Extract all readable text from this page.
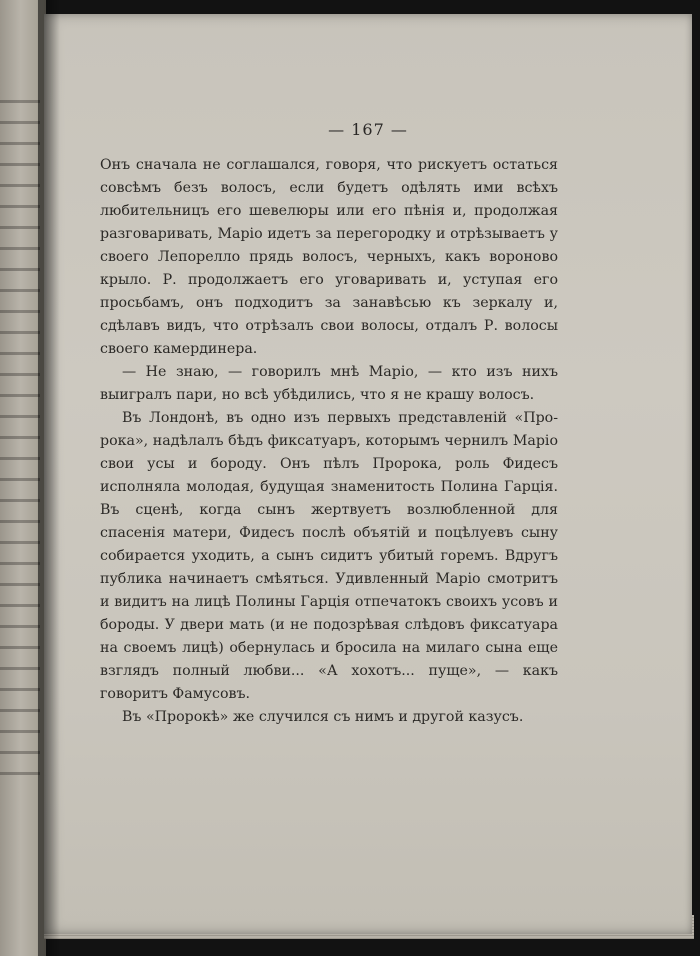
— 167 —

Онъ сначала не соглашался, говоря, что рискуетъ остаться совсѣмъ безъ волосъ, если будетъ одѣлять ими всѣхъ любительницъ его шевелюры или его пѣнія и, продолжая разговаривать, Маріо идетъ за перегородку и отрѣзываетъ у своего Лепорелло прядь волосъ, черныхъ, какъ вороново крыло. Р. продолжаетъ его уговаривать и, уступая его просьбамъ, онъ подходитъ за занавѣсью къ зеркалу и, сдѣлавъ видъ, что отрѣзалъ свои волосы, отдалъ Р. волосы своего камердинера.

— Не знаю, — говорилъ мнѣ Маріо, — кто изъ нихъ выигралъ пари, но всѣ убѣдились, что я не крашу волосъ.

Въ Лондонѣ, въ одно изъ первыхъ представленій «Пророка», надѣлалъ бѣдъ фиксатуаръ, которымъ чернилъ Маріо свои усы и бороду. Онъ пѣлъ Пророка, роль Фидесъ исполняла молодая, будущая знаменитость Полина Гарція. Въ сценѣ, когда сынъ жертвуетъ возлюбленной для спасенія матери, Фидесъ послѣ объятій и поцѣлуевъ сыну собирается уходить, а сынъ сидитъ убитый горемъ. Вдругъ публика начинаетъ смѣяться. Удивленный Маріо смотритъ и видитъ на лицѣ Полины Гарція отпечатокъ своихъ усовъ и бороды. У двери мать (и не подозрѣвая слѣдовъ фиксатуара на своемъ лицѣ) обернулась и бросила на милаго сына еще взглядъ полный любви... «А хохотъ... пуще», — какъ говоритъ Фамусовъ.

Въ «Пророкѣ» же случился съ нимъ и другой казусъ.
